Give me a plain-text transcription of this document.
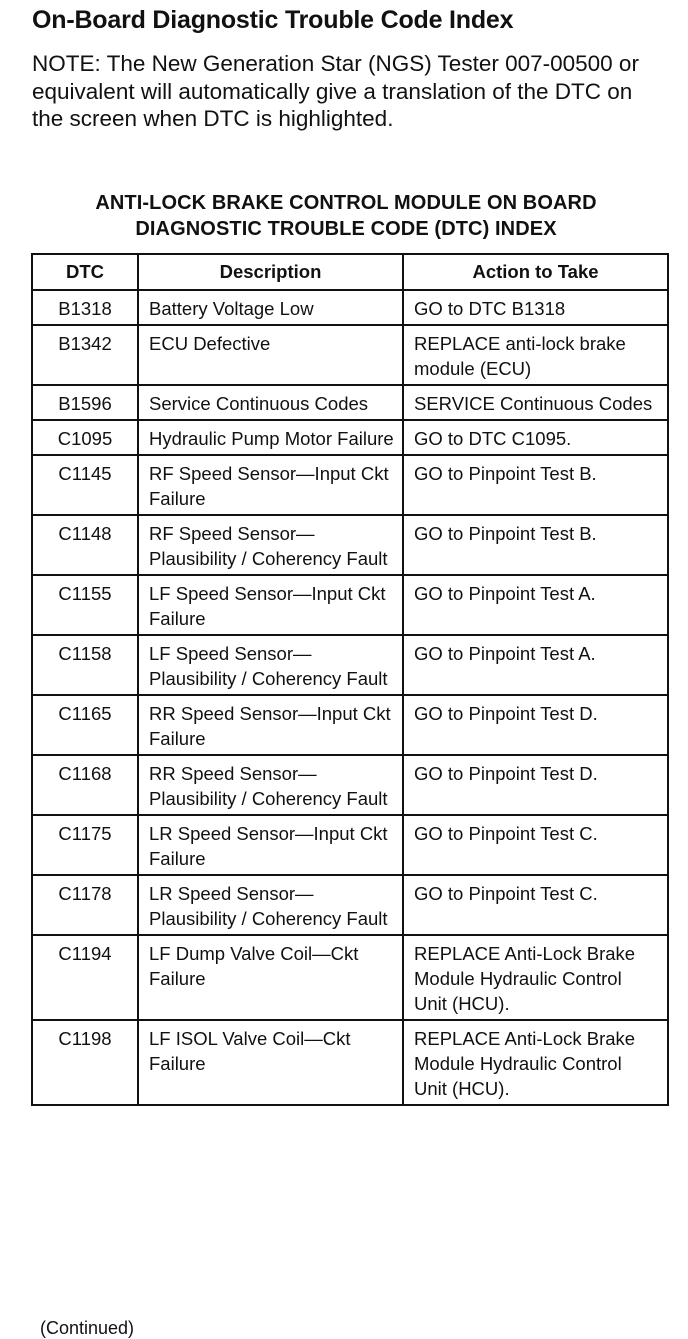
On-Board Diagnostic Trouble Code Index

NOTE: The New Generation Star (NGS) Tester 007-00500 or equivalent will automatically give a translation of the DTC on the screen when DTC is highlighted.

ANTI-LOCK BRAKE CONTROL MODULE ON BOARD
DIAGNOSTIC TROUBLE CODE (DTC) INDEX
DTC	Description	Action to Take
B1318	Battery Voltage Low	GO to DTC B1318
B1342	ECU Defective	REPLACE anti-lock brake module (ECU)
B1596	Service Continuous Codes	SERVICE Continuous Codes
C1095	Hydraulic Pump Motor Failure	GO to DTC C1095.
C1145	RF Speed Sensor—Input Ckt Failure	GO to Pinpoint Test B.
C1148	RF Speed Sensor—Plausibility / Coherency Fault	GO to Pinpoint Test B.
C1155	LF Speed Sensor—Input Ckt Failure	GO to Pinpoint Test A.
C1158	LF Speed Sensor—Plausibility / Coherency Fault	GO to Pinpoint Test A.
C1165	RR Speed Sensor—Input Ckt Failure	GO to Pinpoint Test D.
C1168	RR Speed Sensor—Plausibility / Coherency Fault	GO to Pinpoint Test D.
C1175	LR Speed Sensor—Input Ckt Failure	GO to Pinpoint Test C.
C1178	LR Speed Sensor—Plausibility / Coherency Fault	GO to Pinpoint Test C.
C1194	LF Dump Valve Coil—Ckt Failure	REPLACE Anti-Lock Brake Module Hydraulic Control Unit (HCU).
C1198	LF ISOL Valve Coil—Ckt Failure	REPLACE Anti-Lock Brake Module Hydraulic Control Unit (HCU).
(Continued)
